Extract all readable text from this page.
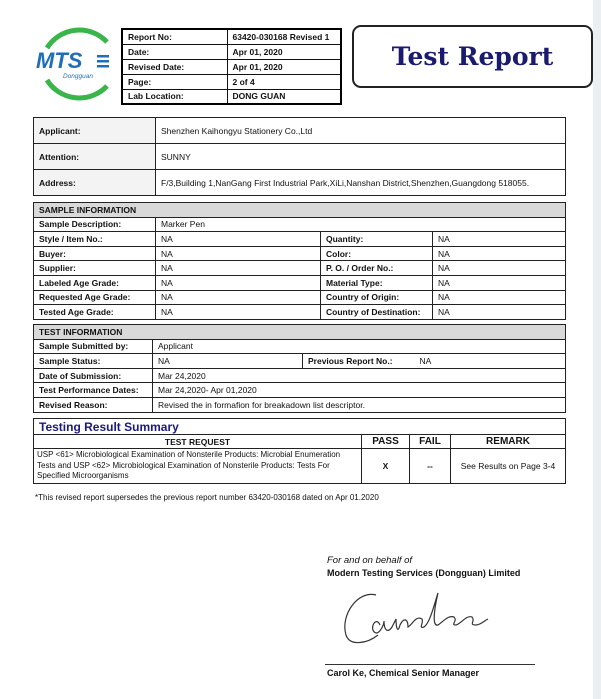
MTS
Dongguan
Report No:	63420-030168 Revised 1
Date:	Apr 01, 2020
Revised Date:	Apr 01, 2020
Page:	2 of 4
Lab Location:	DONG GUAN
Test Report
Applicant:	Shenzhen Kaihongyu Stationery Co.,Ltd
Attention:	SUNNY
Address:	F/3,Building 1,NanGang First Industrial Park,XiLi,Nanshan District,Shenzhen,Guangdong 518055.
SAMPLE INFORMATION			
Sample Description:	Marker Pen		
Style / Item No.:	NA	Quantity:	NA
Buyer:	NA	Color:	NA
Supplier:	NA	P. O. / Order No.:	NA
Labeled Age Grade:	NA	Material Type:	NA
Requested Age Grade:	NA	Country of Origin:	NA
Tested Age Grade:	NA	Country of Destination:	NA
TEST INFORMATION			
Sample Submitted by:	Applicant		
Sample Status:	NA	Previous Report No.:	NA
Date of Submission:	Mar 24,2020		
Test Performance Dates:	Mar 24,2020- Apr 01,2020		
Revised Reason:	Revised the in formafion for breakadown list descriptor.		
Testing Result Summary			
TEST REQUEST	PASS	FAIL	REMARK
USP <61> Microbiological Examination of Nonsterile Products: Microbial Enumeration Tests and USP <62> Microbiological Examination of Nonsterile Products: Tests For Specified Microorganisms	X	--	See Results on Page 3-4
*This revised report supersedes the previous report number 63420-030168 dated on Apr 01.2020
For and on behalf of
Modern Testing Services (Dongguan) Limited
Carol Ke, Chemical Senior Manager
